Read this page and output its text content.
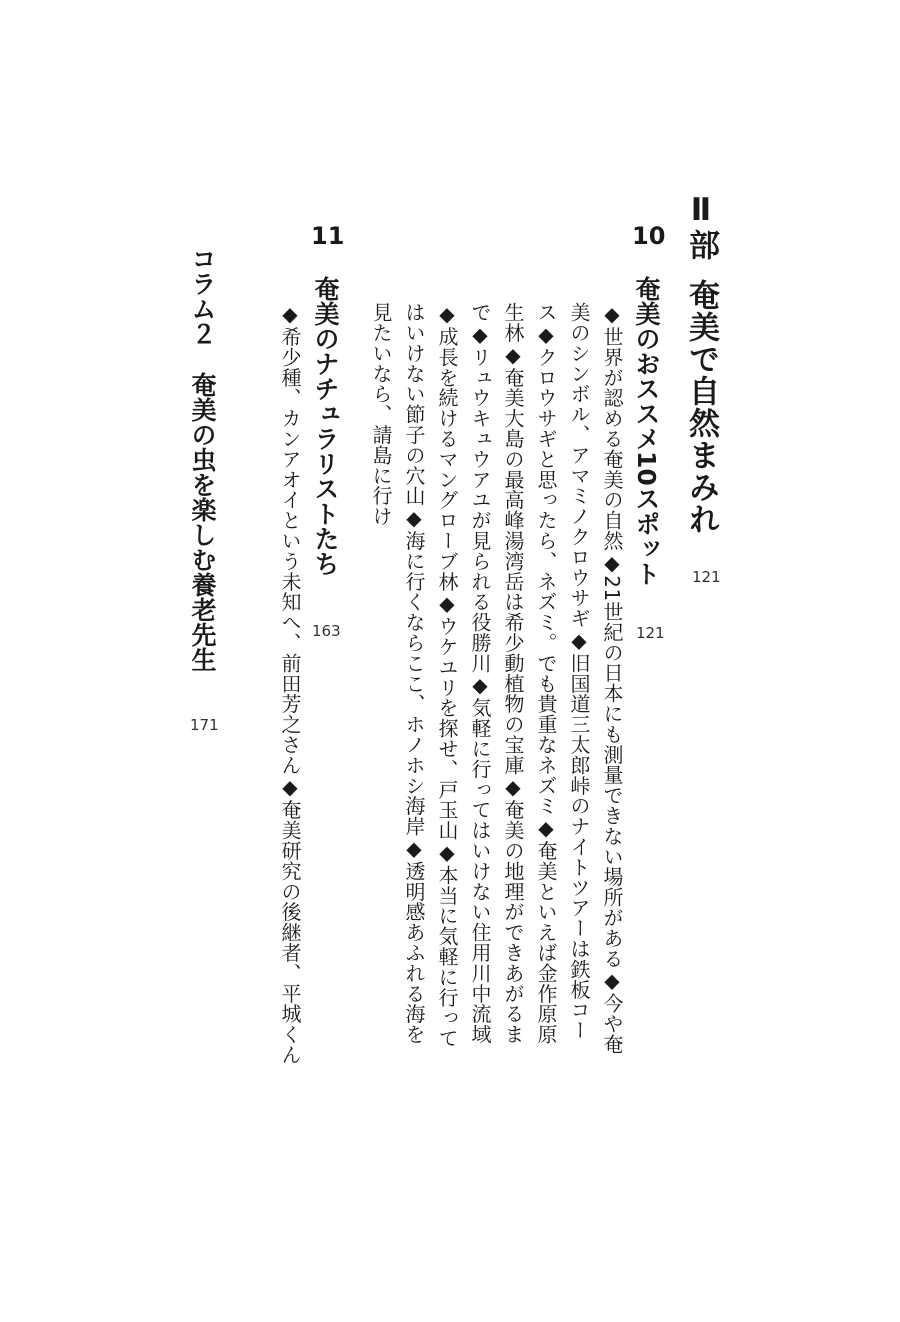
Ⅱ部奄美で自然まみれ
121
10
奄美のおススメ10スポット
121
◆世界が認める奄美の自然◆21世紀の日本にも測量できない場所がある◆今や奄
美のシンボル、アマミノクロウサギ◆旧国道三太郎峠のナイトツアーは鉄板コー
ス◆クロウサギと思ったら、ネズミ。でも貴重なネズミ◆奄美といえば金作原原
生林◆奄美大島の最高峰湯湾岳は希少動植物の宝庫◆奄美の地理ができあがるま
で◆リュウキュウアユが見られる役勝川◆気軽に行ってはいけない住用川中流域
◆成長を続けるマングローブ林◆ウケユリを探せ、戸玉山◆本当に気軽に行って
はいけない節子の穴山◆海に行くならここ、ホノホシ海岸◆透明感あふれる海を
見たいなら、請島に行け
11
奄美のナチュラリストたち
163
◆希少種、カンアオイという未知へ、前田芳之さん◆奄美研究の後継者、平城くん
コラム２奄美の虫を楽しむ養老先生
171
